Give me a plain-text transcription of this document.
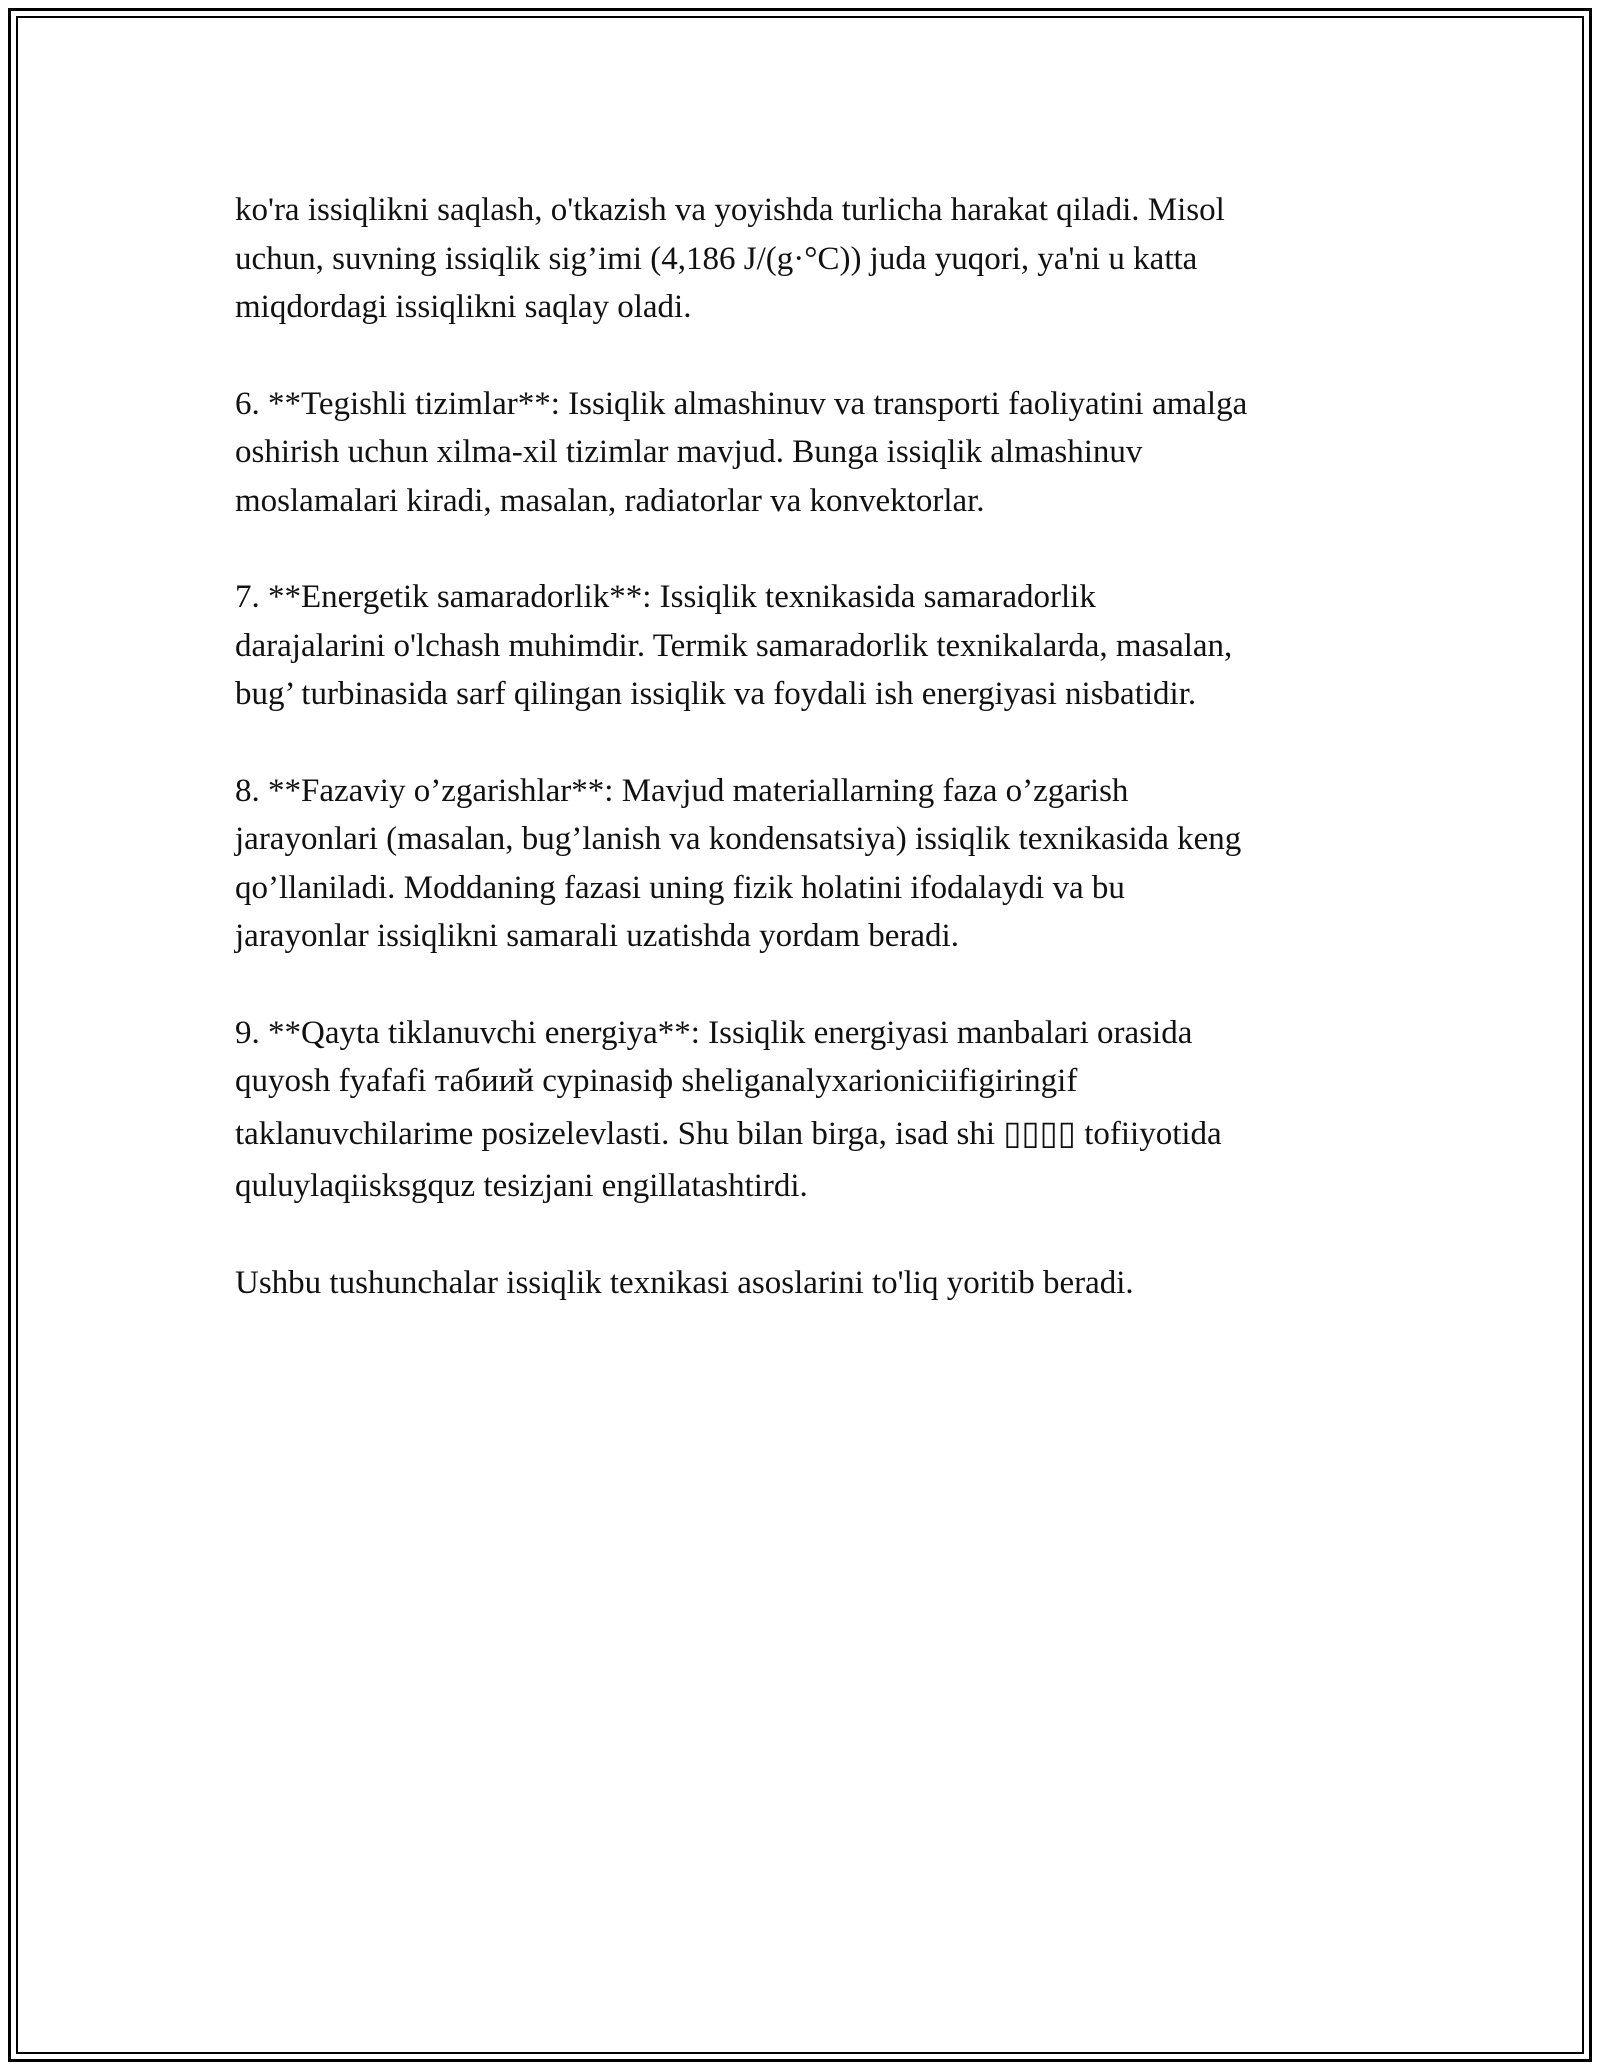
ko'ra issiqlikni saqlash, o'tkazish va yoyishda turlicha harakat qiladi. Misol
uchun, suvning issiqlik sig’imi (4,186 J/(g·°C)) juda yuqori, ya'ni u katta
miqdordagi issiqlikni saqlay oladi.

6. **Tegishli tizimlar**: Issiqlik almashinuv va transporti faoliyatini amalga
oshirish uchun xilma-xil tizimlar mavjud. Bunga issiqlik almashinuv
moslamalari kiradi, masalan, radiatorlar va konvektorlar.

7. **Energetik samaradorlik**: Issiqlik texnikasida samaradorlik
darajalarini o'lchash muhimdir. Termik samaradorlik texnikalarda, masalan,
bug’ turbinasida sarf qilingan issiqlik va foydali ish energiyasi nisbatidir.

8. **Fazaviy o’zgarishlar**: Mavjud materiallarning faza o’zgarish
jarayonlari (masalan, bug’lanish va kondensatsiya) issiqlik texnikasida keng
qo’llaniladi. Moddaning fazasi uning fizik holatini ifodalaydi va bu
jarayonlar issiqlikni samarali uzatishda yordam beradi.

9. **Qayta tiklanuvchi energiya**: Issiqlik energiyasi manbalari orasida
quyosh fyafafi табиий сурinasiф sheliganalyxarioniciifigiringif
taklanuvchilarime posizelevlasti. Shu bilan birga, isad shi ▯▯▯▯ tofiiyotida
quluylaqiisksgquz tesizjani engillatashtirdi.

Ushbu tushunchalar issiqlik texnikasi asoslarini to'liq yoritib beradi.
